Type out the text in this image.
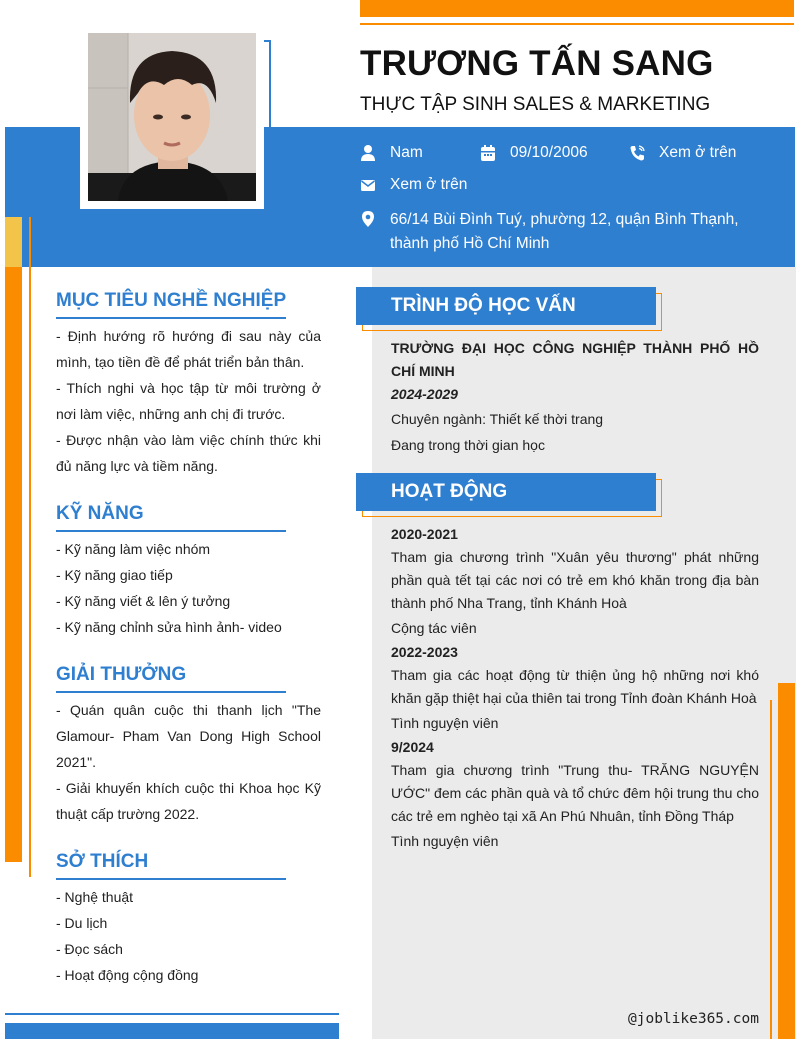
TRƯƠNG TẤN SANG
THỰC TẬP SINH SALES & MARKETING
Nam	09/10/2006	Xem ở trên
Xem ở trên
66/14 Bùi Đình Tuý, phường 12, quận Bình Thạnh,
thành phố Hồ Chí Minh
MỤC TIÊU NGHỀ NGHIỆP

- Định hướng rõ hướng đi sau này của mình, tạo tiền đề để phát triển bản thân.

- Thích nghi và học tập từ môi trường ở nơi làm việc, những anh chị đi trước.

- Được nhận vào làm việc chính thức khi đủ năng lực và tiềm năng.

KỸ NĂNG

- Kỹ năng làm việc nhóm

- Kỹ năng giao tiếp

- Kỹ năng viết & lên ý tưởng

- Kỹ năng chỉnh sửa hình ảnh- video

GIẢI THƯỞNG

- Quán quân cuộc thi thanh lịch "The Glamour- Pham Van Dong High School 2021".

- Giải khuyến khích cuộc thi Khoa học Kỹ thuật cấp trường 2022.

SỞ THÍCH

- Nghệ thuật

- Du lịch

- Đọc sách

- Hoạt động cộng đồng

TRÌNH ĐỘ HỌC VẤN

TRƯỜNG ĐẠI HỌC CÔNG NGHIỆP THÀNH PHỐ HỒ CHÍ MINH

2024-2029

Chuyên ngành: Thiết kế thời trang

Đang trong thời gian học

HOẠT ĐỘNG

2020-2021

Tham gia chương trình "Xuân yêu thương" phát những phần quà tết tại các nơi có trẻ em khó khăn trong địa bàn thành phố Nha Trang, tỉnh Khánh Hoà

Cộng tác viên

2022-2023

Tham gia các hoạt động từ thiện ủng hộ những nơi khó khăn gặp thiệt hại của thiên tai trong Tỉnh đoàn Khánh Hoà

Tình nguyện viên

9/2024

Tham gia chương trình "Trung thu- TRĂNG NGUYỆN ƯỚC" đem các phần quà và tổ chức đêm hội trung thu cho các trẻ em nghèo tại xã An Phú Nhuân, tỉnh Đồng Tháp

Tình nguyện viên

@joblike365.com
